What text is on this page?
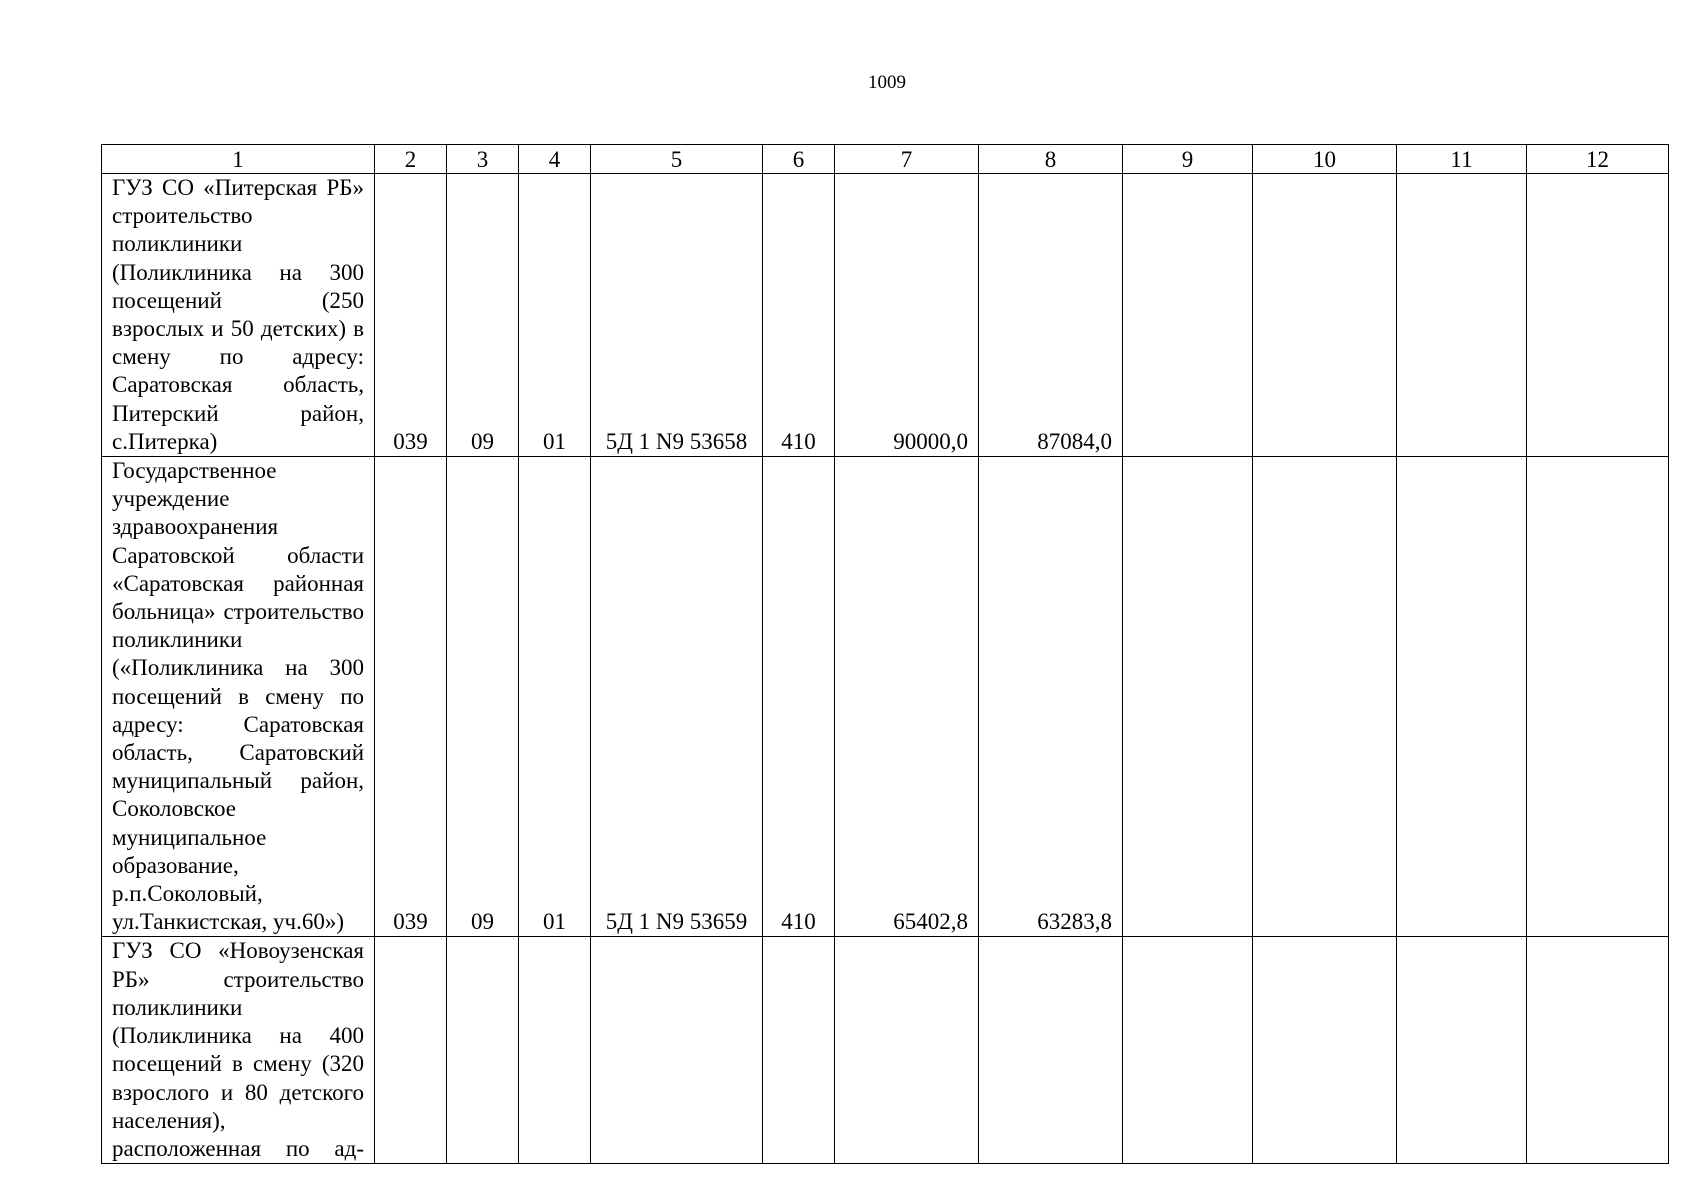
1009
1	2	3	4	5	6	7	8	9	10	11	12

ГУЗ СО «Питерская РБ» строительство поликлиники (Поликлиника на 300 посещений (250 взрослых и 50 детских) в смену по адресу: Саратовская область, Питерский район, с.Питерка)	039	09	01	5Д 1 N9 53658	410	90000,0	87084,0				

Государственное учреждение здравоохранения Саратовской области «Саратовская районная больница» строительство поликлиники («Поликлиника на 300 посещений в смену по адресу: Саратовская область, Саратовский муниципальный район, Соколовское муниципальное образование, р.п.Соколовый, ул.Танкистская, уч.60»)	039	09	01	5Д 1 N9 53659	410	65402,8	63283,8				

ГУЗ СО «Новоузенская РБ» строительство поликлиники (Поликлиника на 400 посещений в смену (320 взрослого и 80 детского населения), расположенная по ад-											
